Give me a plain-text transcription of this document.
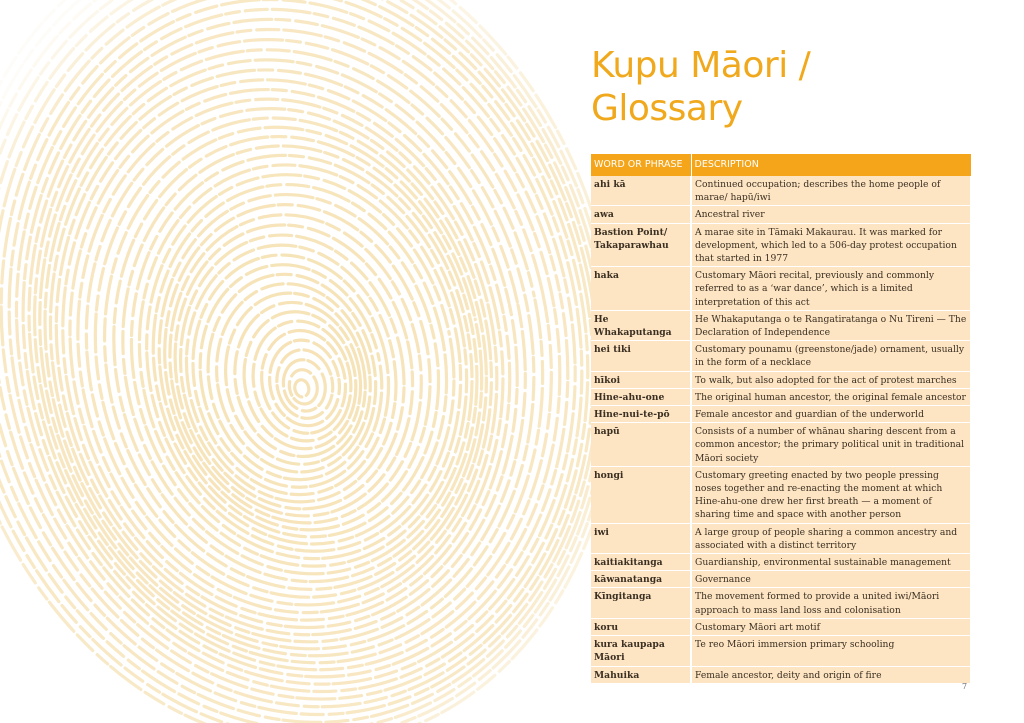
Kupu Māori /
Glossary
WORD OR PHRASE	DESCRIPTION
ahi kā	Continued occupation; describes the home people of marae/ hapū/iwi
awa	Ancestral river
Bastion Point/ Takaparawhau	A marae site in Tāmaki Makaurau. It was marked for development, which led to a 506-day protest occupation that started in 1977
haka	Customary Māori recital, previously and commonly referred to as a ‘war dance’, which is a limited interpretation of this act
He Whakaputanga	He Whakaputanga o te Rangatiratanga o Nu Tireni — The Declaration of Independence
hei tiki	Customary pounamu (greenstone/jade) ornament, usually in the form of a necklace
hīkoi	To walk, but also adopted for the act of protest marches
Hine-ahu-one	The original human ancestor, the original female ancestor
Hine-nui-te-pō	Female ancestor and guardian of the underworld
hapū	Consists of a number of whānau sharing descent from a common ancestor; the primary political unit in traditional Māori society
hongi	Customary greeting enacted by two people pressing noses together and re-enacting the moment at which Hine-ahu-one drew her first breath — a moment of sharing time and space with another person
iwi	A large group of people sharing a common ancestry and associated with a distinct territory
kaitiakitanga	Guardianship, environmental sustainable management
kāwanatanga	Governance
Kīngitanga	The movement formed to provide a united iwi/Māori approach to mass land loss and colonisation
koru	Customary Māori art motif
kura kaupapa Māori	Te reo Māori immersion primary schooling
Mahuika	Female ancestor, deity and origin of fire
7
